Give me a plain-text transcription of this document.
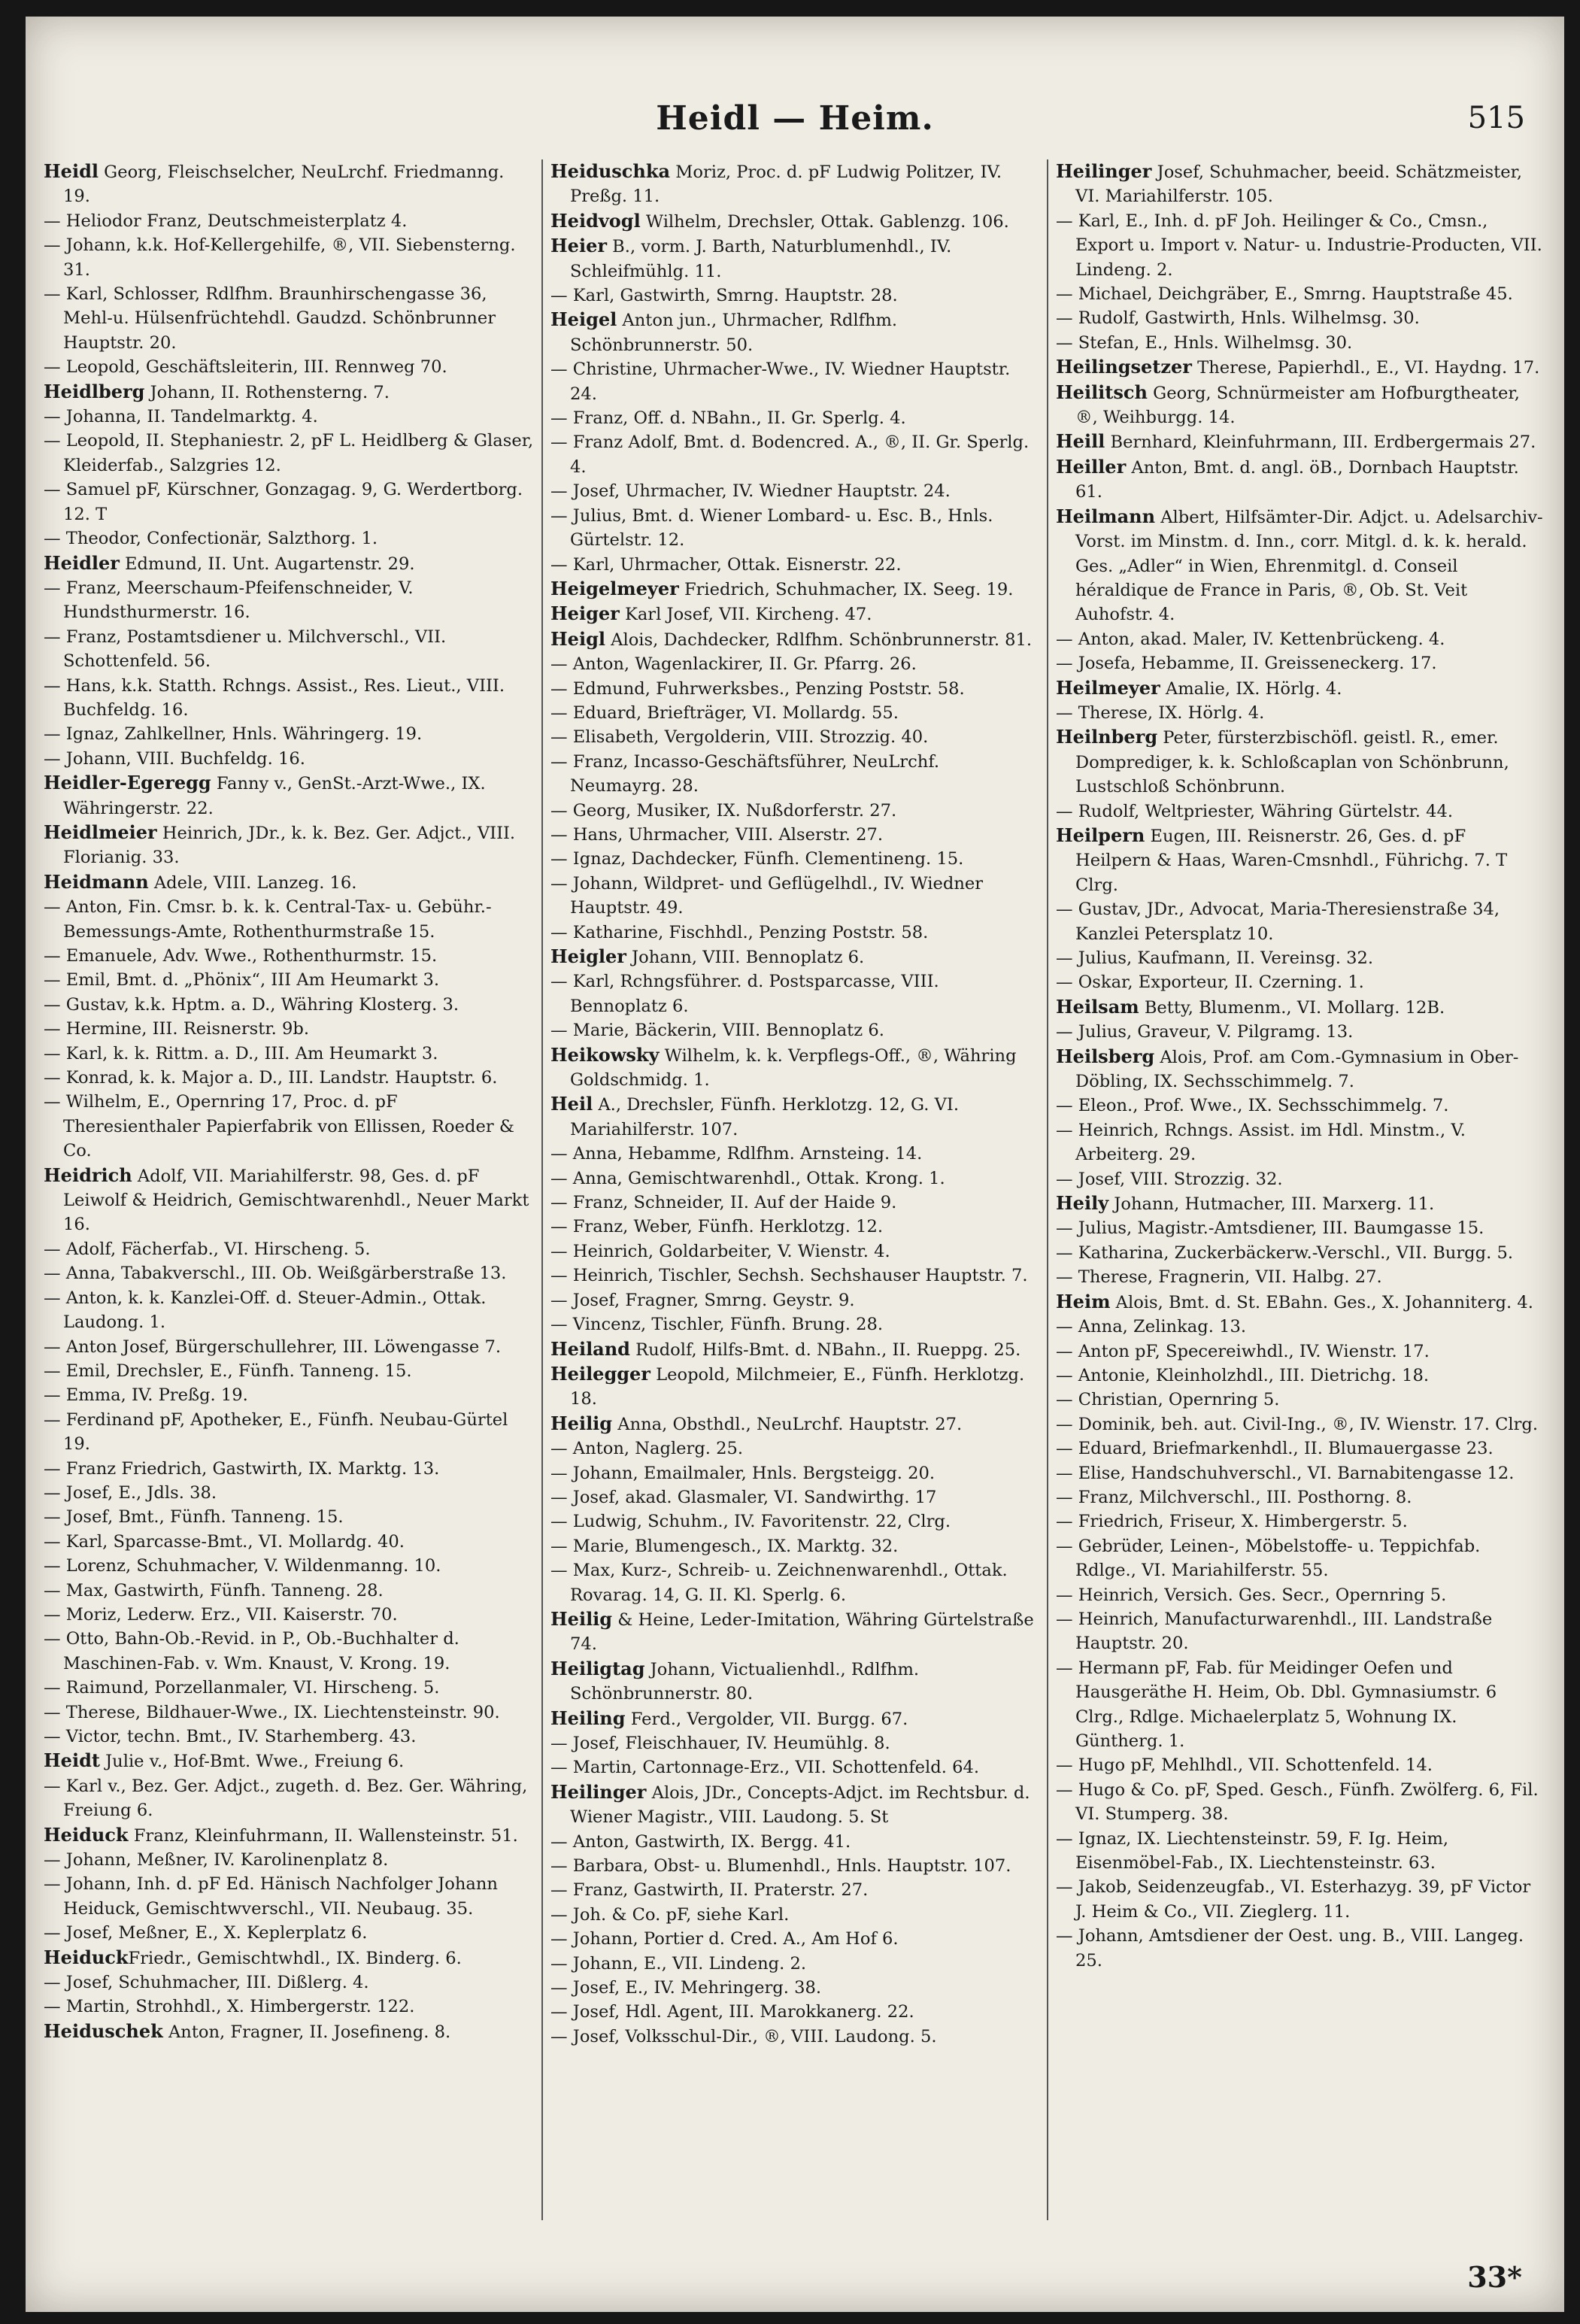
Heidl — Heim.	515
Heidl Georg, Fleischselcher, NeuLrchf. Friedmanng. 19.
— Heliodor Franz, Deutschmeisterplatz 4.
— Johann, k.k. Hof-Kellergehilfe, ®, VII. Siebensterng. 31.
— Karl, Schlosser, Rdlfhm. Braunhirschengasse 36, Mehl-u. Hülsenfrüchtehdl. Gaudzd. Schönbrunner Hauptstr. 20.
— Leopold, Geschäftsleiterin, III. Rennweg 70.
Heidlberg Johann, II. Rothensterng. 7.
— Johanna, II. Tandelmarktg. 4.
— Leopold, II. Stephaniestr. 2, pF L. Heidlberg & Glaser, Kleiderfab., Salzgries 12.
— Samuel pF, Kürschner, Gonzagag. 9, G. Werdertborg. 12. T
— Theodor, Confectionär, Salzthorg. 1.
Heidler Edmund, II. Unt. Augartenstr. 29.
— Franz, Meerschaum-Pfeifenschneider, V. Hundsthurmerstr. 16.
— Franz, Postamtsdiener u. Milchverschl., VII. Schottenfeld. 56.
— Hans, k.k. Statth. Rchngs. Assist., Res. Lieut., VIII. Buchfeldg. 16.
— Ignaz, Zahlkellner, Hnls. Währingerg. 19.
— Johann, VIII. Buchfeldg. 16.
Heidler-Egeregg Fanny v., GenSt.-Arzt-Wwe., IX. Währingerstr. 22.
Heidlmeier Heinrich, JDr., k. k. Bez. Ger. Adjct., VIII. Florianig. 33.
Heidmann Adele, VIII. Lanzeg. 16.
— Anton, Fin. Cmsr. b. k. k. Central-Tax- u. Gebühr.-Bemessungs-Amte, Rothenthurmstraße 15.
— Emanuele, Adv. Wwe., Rothenthurmstr. 15.
— Emil, Bmt. d. „Phönix“, III Am Heumarkt 3.
— Gustav, k.k. Hptm. a. D., Währing Klosterg. 3.
— Hermine, III. Reisnerstr. 9b.
— Karl, k. k. Rittm. a. D., III. Am Heumarkt 3.
— Konrad, k. k. Major a. D., III. Landstr. Hauptstr. 6.
— Wilhelm, E., Opernring 17, Proc. d. pF Theresienthaler Papierfabrik von Ellissen, Roeder & Co.
Heidrich Adolf, VII. Mariahilferstr. 98, Ges. d. pF Leiwolf & Heidrich, Gemischtwarenhdl., Neuer Markt 16.
— Adolf, Fächerfab., VI. Hirscheng. 5.
— Anna, Tabakverschl., III. Ob. Weißgärberstraße 13.
— Anton, k. k. Kanzlei-Off. d. Steuer-Admin., Ottak. Laudong. 1.
— Anton Josef, Bürgerschullehrer, III. Löwengasse 7.
— Emil, Drechsler, E., Fünfh. Tanneng. 15.
— Emma, IV. Preßg. 19.
— Ferdinand pF, Apotheker, E., Fünfh. Neubau-Gürtel 19.
— Franz Friedrich, Gastwirth, IX. Marktg. 13.
— Josef, E., Jdls. 38.
— Josef, Bmt., Fünfh. Tanneng. 15.
— Karl, Sparcasse-Bmt., VI. Mollardg. 40.
— Lorenz, Schuhmacher, V. Wildenmanng. 10.
— Max, Gastwirth, Fünfh. Tanneng. 28.
— Moriz, Lederw. Erz., VII. Kaiserstr. 70.
— Otto, Bahn-Ob.-Revid. in P., Ob.-Buchhalter d. Maschinen-Fab. v. Wm. Knaust, V. Krong. 19.
— Raimund, Porzellanmaler, VI. Hirscheng. 5.
— Therese, Bildhauer-Wwe., IX. Liechtensteinstr. 90.
— Victor, techn. Bmt., IV. Starhemberg. 43.
Heidt Julie v., Hof-Bmt. Wwe., Freiung 6.
— Karl v., Bez. Ger. Adjct., zugeth. d. Bez. Ger. Währing, Freiung 6.
Heiduck Franz, Kleinfuhrmann, II. Wallensteinstr. 51.
— Johann, Meßner, IV. Karolinenplatz 8.
— Johann, Inh. d. pF Ed. Hänisch Nachfolger Johann Heiduck, Gemischtwverschl., VII. Neubaug. 35.
— Josef, Meßner, E., X. Keplerplatz 6.
HeiduckFriedr., Gemischtwhdl., IX. Binderg. 6.
— Josef, Schuhmacher, III. Dißlerg. 4.
— Martin, Strohhdl., X. Himbergerstr. 122.
Heiduschek Anton, Fragner, II. Josefineng. 8.
Heiduschka Moriz, Proc. d. pF Ludwig Politzer, IV. Preßg. 11.
Heidvogl Wilhelm, Drechsler, Ottak. Gablenzg. 106.
Heier B., vorm. J. Barth, Naturblumenhdl., IV. Schleifmühlg. 11.
— Karl, Gastwirth, Smrng. Hauptstr. 28.
Heigel Anton jun., Uhrmacher, Rdlfhm. Schönbrunnerstr. 50.
— Christine, Uhrmacher-Wwe., IV. Wiedner Hauptstr. 24.
— Franz, Off. d. NBahn., II. Gr. Sperlg. 4.
— Franz Adolf, Bmt. d. Bodencred. A., ®, II. Gr. Sperlg. 4.
— Josef, Uhrmacher, IV. Wiedner Hauptstr. 24.
— Julius, Bmt. d. Wiener Lombard- u. Esc. B., Hnls. Gürtelstr. 12.
— Karl, Uhrmacher, Ottak. Eisnerstr. 22.
Heigelmeyer Friedrich, Schuhmacher, IX. Seeg. 19.
Heiger Karl Josef, VII. Kircheng. 47.
Heigl Alois, Dachdecker, Rdlfhm. Schönbrunnerstr. 81.
— Anton, Wagenlackirer, II. Gr. Pfarrg. 26.
— Edmund, Fuhrwerksbes., Penzing Poststr. 58.
— Eduard, Briefträger, VI. Mollardg. 55.
— Elisabeth, Vergolderin, VIII. Strozzig. 40.
— Franz, Incasso-Geschäftsführer, NeuLrchf. Neumayrg. 28.
— Georg, Musiker, IX. Nußdorferstr. 27.
— Hans, Uhrmacher, VIII. Alserstr. 27.
— Ignaz, Dachdecker, Fünfh. Clementineng. 15.
— Johann, Wildpret- und Geflügelhdl., IV. Wiedner Hauptstr. 49.
— Katharine, Fischhdl., Penzing Poststr. 58.
Heigler Johann, VIII. Bennoplatz 6.
— Karl, Rchngsführer. d. Postsparcasse, VIII. Bennoplatz 6.
— Marie, Bäckerin, VIII. Bennoplatz 6.
Heikowsky Wilhelm, k. k. Verpflegs-Off., ®, Währing Goldschmidg. 1.
Heil A., Drechsler, Fünfh. Herklotzg. 12, G. VI. Mariahilferstr. 107.
— Anna, Hebamme, Rdlfhm. Arnsteing. 14.
— Anna, Gemischtwarenhdl., Ottak. Krong. 1.
— Franz, Schneider, II. Auf der Haide 9.
— Franz, Weber, Fünfh. Herklotzg. 12.
— Heinrich, Goldarbeiter, V. Wienstr. 4.
— Heinrich, Tischler, Sechsh. Sechshauser Hauptstr. 7.
— Josef, Fragner, Smrng. Geystr. 9.
— Vincenz, Tischler, Fünfh. Brung. 28.
Heiland Rudolf, Hilfs-Bmt. d. NBahn., II. Rueppg. 25.
Heilegger Leopold, Milchmeier, E., Fünfh. Herklotzg. 18.
Heilig Anna, Obsthdl., NeuLrchf. Hauptstr. 27.
— Anton, Naglerg. 25.
— Johann, Emailmaler, Hnls. Bergsteigg. 20.
— Josef, akad. Glasmaler, VI. Sandwirthg. 17
— Ludwig, Schuhm., IV. Favoritenstr. 22, Clrg.
— Marie, Blumengesch., IX. Marktg. 32.
— Max, Kurz-, Schreib- u. Zeichnenwarenhdl., Ottak. Rovarag. 14, G. II. Kl. Sperlg. 6.
Heilig & Heine, Leder-Imitation, Währing Gürtelstraße 74.
Heiligtag Johann, Victualienhdl., Rdlfhm. Schönbrunnerstr. 80.
Heiling Ferd., Vergolder, VII. Burgg. 67.
— Josef, Fleischhauer, IV. Heumühlg. 8.
— Martin, Cartonnage-Erz., VII. Schottenfeld. 64.
Heilinger Alois, JDr., Concepts-Adjct. im Rechtsbur. d. Wiener Magistr., VIII. Laudong. 5. St
— Anton, Gastwirth, IX. Bergg. 41.
— Barbara, Obst- u. Blumenhdl., Hnls. Hauptstr. 107.
— Franz, Gastwirth, II. Praterstr. 27.
— Joh. & Co. pF, siehe Karl.
— Johann, Portier d. Cred. A., Am Hof 6.
— Johann, E., VII. Lindeng. 2.
— Josef, E., IV. Mehringerg. 38.
— Josef, Hdl. Agent, III. Marokkanerg. 22.
— Josef, Volksschul-Dir., ®, VIII. Laudong. 5.
Heilinger Josef, Schuhmacher, beeid. Schätzmeister, VI. Mariahilferstr. 105.
— Karl, E., Inh. d. pF Joh. Heilinger & Co., Cmsn., Export u. Import v. Natur- u. Industrie-Producten, VII. Lindeng. 2.
— Michael, Deichgräber, E., Smrng. Hauptstraße 45.
— Rudolf, Gastwirth, Hnls. Wilhelmsg. 30.
— Stefan, E., Hnls. Wilhelmsg. 30.
Heilingsetzer Therese, Papierhdl., E., VI. Haydng. 17.
Heilitsch Georg, Schnürmeister am Hofburgtheater, ®, Weihburgg. 14.
Heill Bernhard, Kleinfuhrmann, III. Erdbergermais 27.
Heiller Anton, Bmt. d. angl. öB., Dornbach Hauptstr. 61.
Heilmann Albert, Hilfsämter-Dir. Adjct. u. Adelsarchiv-Vorst. im Minstm. d. Inn., corr. Mitgl. d. k. k. herald. Ges. „Adler“ in Wien, Ehrenmitgl. d. Conseil héraldique de France in Paris, ®, Ob. St. Veit Auhofstr. 4.
— Anton, akad. Maler, IV. Kettenbrückeng. 4.
— Josefa, Hebamme, II. Greisseneckerg. 17.
Heilmeyer Amalie, IX. Hörlg. 4.
— Therese, IX. Hörlg. 4.
Heilnberg Peter, fürsterzbischöfl. geistl. R., emer. Domprediger, k. k. Schloßcaplan von Schönbrunn, Lustschloß Schönbrunn.
— Rudolf, Weltpriester, Währing Gürtelstr. 44.
Heilpern Eugen, III. Reisnerstr. 26, Ges. d. pF Heilpern & Haas, Waren-Cmsnhdl., Führichg. 7. T Clrg.
— Gustav, JDr., Advocat, Maria-Theresienstraße 34, Kanzlei Petersplatz 10.
— Julius, Kaufmann, II. Vereinsg. 32.
— Oskar, Exporteur, II. Czerning. 1.
Heilsam Betty, Blumenm., VI. Mollarg. 12B.
— Julius, Graveur, V. Pilgramg. 13.
Heilsberg Alois, Prof. am Com.-Gymnasium in Ober-Döbling, IX. Sechsschimmelg. 7.
— Eleon., Prof. Wwe., IX. Sechsschimmelg. 7.
— Heinrich, Rchngs. Assist. im Hdl. Minstm., V. Arbeiterg. 29.
— Josef, VIII. Strozzig. 32.
Heily Johann, Hutmacher, III. Marxerg. 11.
— Julius, Magistr.-Amtsdiener, III. Baumgasse 15.
— Katharina, Zuckerbäckerw.-Verschl., VII. Burgg. 5.
— Therese, Fragnerin, VII. Halbg. 27.
Heim Alois, Bmt. d. St. EBahn. Ges., X. Johanniterg. 4.
— Anna, Zelinkag. 13.
— Anton pF, Specereiwhdl., IV. Wienstr. 17.
— Antonie, Kleinholzhdl., III. Dietrichg. 18.
— Christian, Opernring 5.
— Dominik, beh. aut. Civil-Ing., ®, IV. Wienstr. 17. Clrg.
— Eduard, Briefmarkenhdl., II. Blumauergasse 23.
— Elise, Handschuhverschl., VI. Barnabitengasse 12.
— Franz, Milchverschl., III. Posthorng. 8.
— Friedrich, Friseur, X. Himbergerstr. 5.
— Gebrüder, Leinen-, Möbelstoffe- u. Teppichfab. Rdlge., VI. Mariahilferstr. 55.
— Heinrich, Versich. Ges. Secr., Opernring 5.
— Heinrich, Manufacturwarenhdl., III. Landstraße Hauptstr. 20.
— Hermann pF, Fab. für Meidinger Oefen und Hausgeräthe H. Heim, Ob. Dbl. Gymnasiumstr. 6 Clrg., Rdlge. Michaelerplatz 5, Wohnung IX. Güntherg. 1.
— Hugo pF, Mehlhdl., VII. Schottenfeld. 14.
— Hugo & Co. pF, Sped. Gesch., Fünfh. Zwölferg. 6, Fil. VI. Stumperg. 38.
— Ignaz, IX. Liechtensteinstr. 59, F. Ig. Heim, Eisenmöbel-Fab., IX. Liechtensteinstr. 63.
— Jakob, Seidenzeugfab., VI. Esterhazyg. 39, pF Victor J. Heim & Co., VII. Zieglerg. 11.
— Johann, Amtsdiener der Oest. ung. B., VIII. Langeg. 25.
33*
